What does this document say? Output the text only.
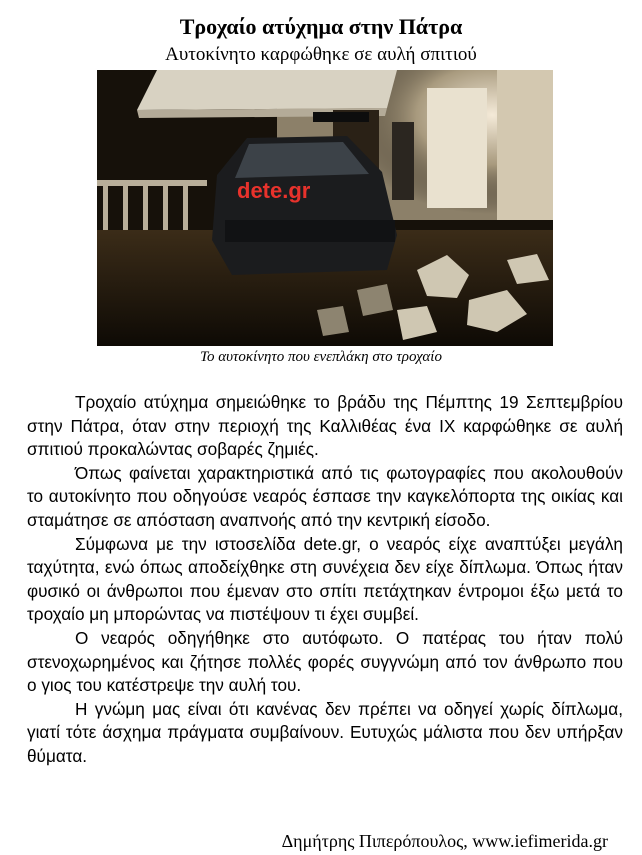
Τροχαίο ατύχημα στην Πάτρα
Αυτοκίνητο καρφώθηκε σε αυλή σπιτιού
dete.gr
Το αυτοκίνητο που ενεπλάκη στο τροχαίο

Τροχαίο ατύχημα σημειώθηκε το βράδυ της Πέμπτης 19 Σεπτεμβρίου στην Πάτρα, όταν στην περιοχή της Καλλιθέας ένα ΙΧ καρφώθηκε σε αυλή σπιτιού προκαλώντας σοβαρές ζημιές.

Όπως φαίνεται χαρακτηριστικά από τις φωτογραφίες που ακολουθούν το αυτοκίνητο που οδηγούσε νεαρός έσπασε την καγκελόπορτα της οικίας και σταμάτησε σε απόσταση αναπνοής από την κεντρική είσοδο.

Σύμφωνα με την ιστοσελίδα dete.gr, ο νεαρός είχε αναπτύξει μεγάλη ταχύτητα, ενώ όπως αποδείχθηκε στη συνέχεια δεν είχε δίπλωμα. Όπως ήταν φυσικό οι άνθρωποι που έμεναν στο σπίτι πετάχτηκαν έντρομοι έξω μετά το τροχαίο μη μπορώντας να πιστέψουν τι έχει συμβεί.

Ο νεαρός οδηγήθηκε στο αυτόφωτο. Ο πατέρας του ήταν πολύ στενοχωρημένος και ζήτησε πολλές φορές συγγνώμη από τον άνθρωπο που ο γιος του κατέστρεψε την αυλή του.

Η γνώμη μας είναι ότι κανένας δεν πρέπει να οδηγεί χωρίς δίπλωμα, γιατί τότε άσχημα πράγματα συμβαίνουν. Ευτυχώς μάλιστα που δεν υπήρξαν θύματα.

Δημήτρης Πιπερόπουλος, www.iefimerida.gr
